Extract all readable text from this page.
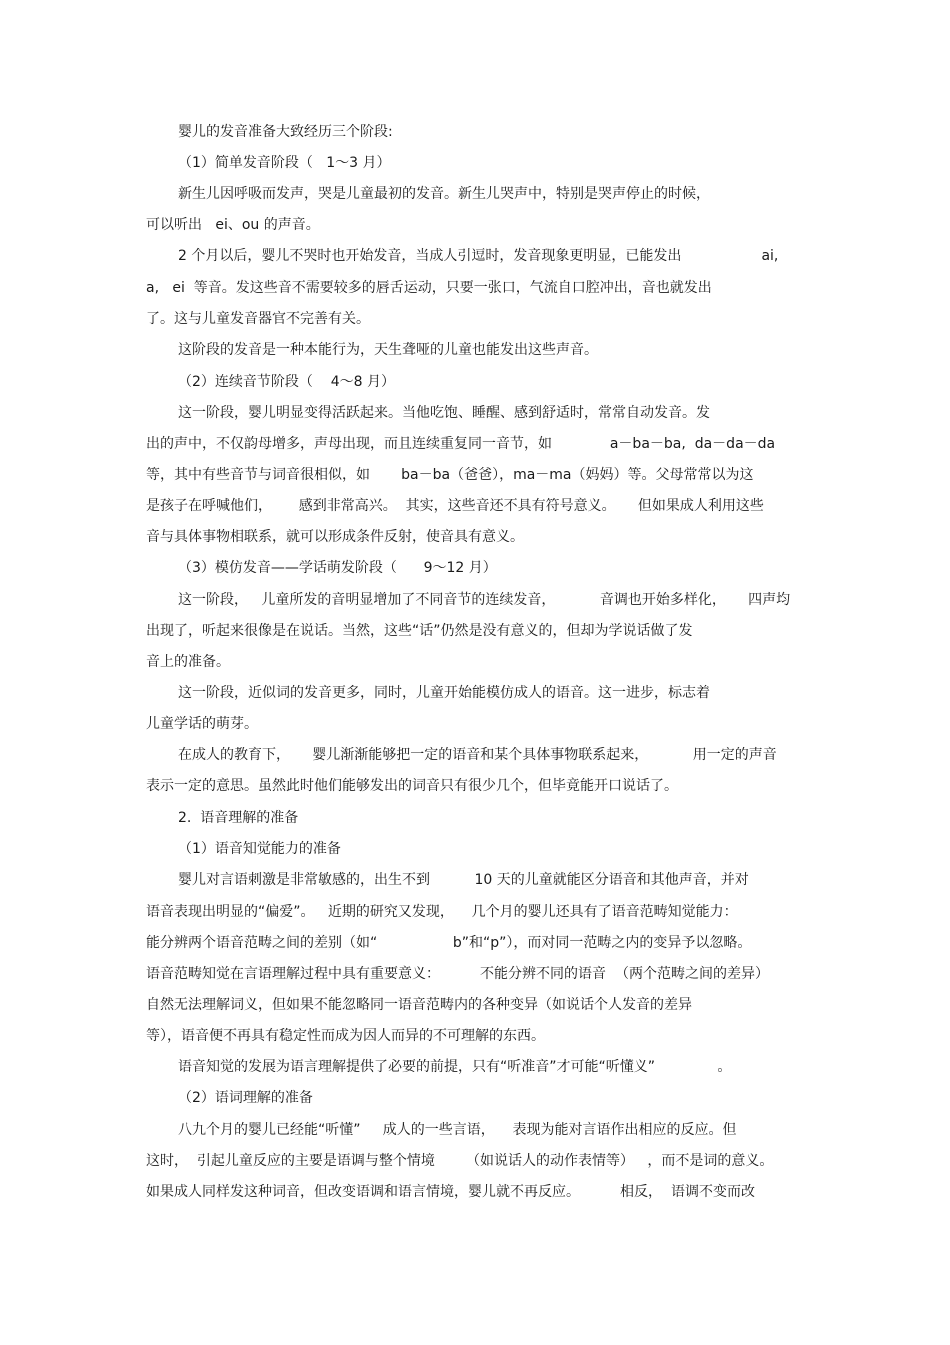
婴儿的发音准备大致经历三个阶段:
（1）简单发音阶段（   1～3 月）
新生儿因呼吸而发声，哭是儿童最初的发音。新生儿哭声中，特别是哭声停止的时候，
可以听出   ei、ou 的声音。
2 个月以后，婴儿不哭时也开始发音，当成人引逗时，发音现象更明显，已能发出                  ai,
a,   ei  等音。发这些音不需要较多的唇舌运动，只要一张口，气流自口腔冲出，音也就发出
了。这与儿童发音器官不完善有关。
这阶段的发音是一种本能行为，天生聋哑的儿童也能发出这些声音。
（2）连续音节阶段（    4～8 月）
这一阶段，婴儿明显变得活跃起来。当他吃饱、睡醒、感到舒适时，常常自动发音。发
出的声中，不仅韵母增多，声母出现，而且连续重复同一音节，如             a－ba－ba,  da－da－da
等，其中有些音节与词音很相似，如       ba－ba（爸爸），ma－ma（妈妈）等。父母常常以为这
是孩子在呼喊他们，      感到非常高兴。  其实，这些音还不具有符号意义。     但如果成人利用这些
音与具体事物相联系，就可以形成条件反射，使音具有意义。
（3）模仿发音——学话萌发阶段（      9～12 月）
这一阶段，   儿童所发的音明显增加了不同音节的连续发音，          音调也开始多样化，     四声均
出现了，听起来很像是在说话。当然，这些“话”仍然是没有意义的，但却为学说话做了发
音上的准备。
这一阶段，近似词的发音更多，同时，儿童开始能模仿成人的语音。这一进步，标志着
儿童学话的萌芽。
在成人的教育下，     婴儿渐渐能够把一定的语音和某个具体事物联系起来，          用一定的声音
表示一定的意思。虽然此时他们能够发出的词音只有很少几个，但毕竟能开口说话了。
2.  语音理解的准备
（1）语音知觉能力的准备
婴儿对言语刺激是非常敏感的，出生不到          10 天的儿童就能区分语音和其他声音，并对
语音表现出明显的“偏爱”。   近期的研究又发现，    几个月的婴儿还具有了语音范畴知觉能力：
能分辨两个语音范畴之间的差别（如“                 b”和“p”），而对同一范畴之内的变异予以忽略。
语音范畴知觉在言语理解过程中具有重要意义：         不能分辨不同的语音  （两个范畴之间的差异）
自然无法理解词义，但如果不能忽略同一语音范畴内的各种变异（如说话个人发音的差异
等），语音便不再具有稳定性而成为因人而异的不可理解的东西。
语音知觉的发展为语言理解提供了必要的前提，只有“听准音”才可能“听懂义”              。
（2）语词理解的准备
八九个月的婴儿已经能“听懂”     成人的一些言语，    表现为能对言语作出相应的反应。但
这时，  引起儿童反应的主要是语调与整个情境       （如说话人的动作表情等）   ，而不是词的意义。
如果成人同样发这种词音，但改变语调和语言情境，婴儿就不再反应。         相反，  语调不变而改
